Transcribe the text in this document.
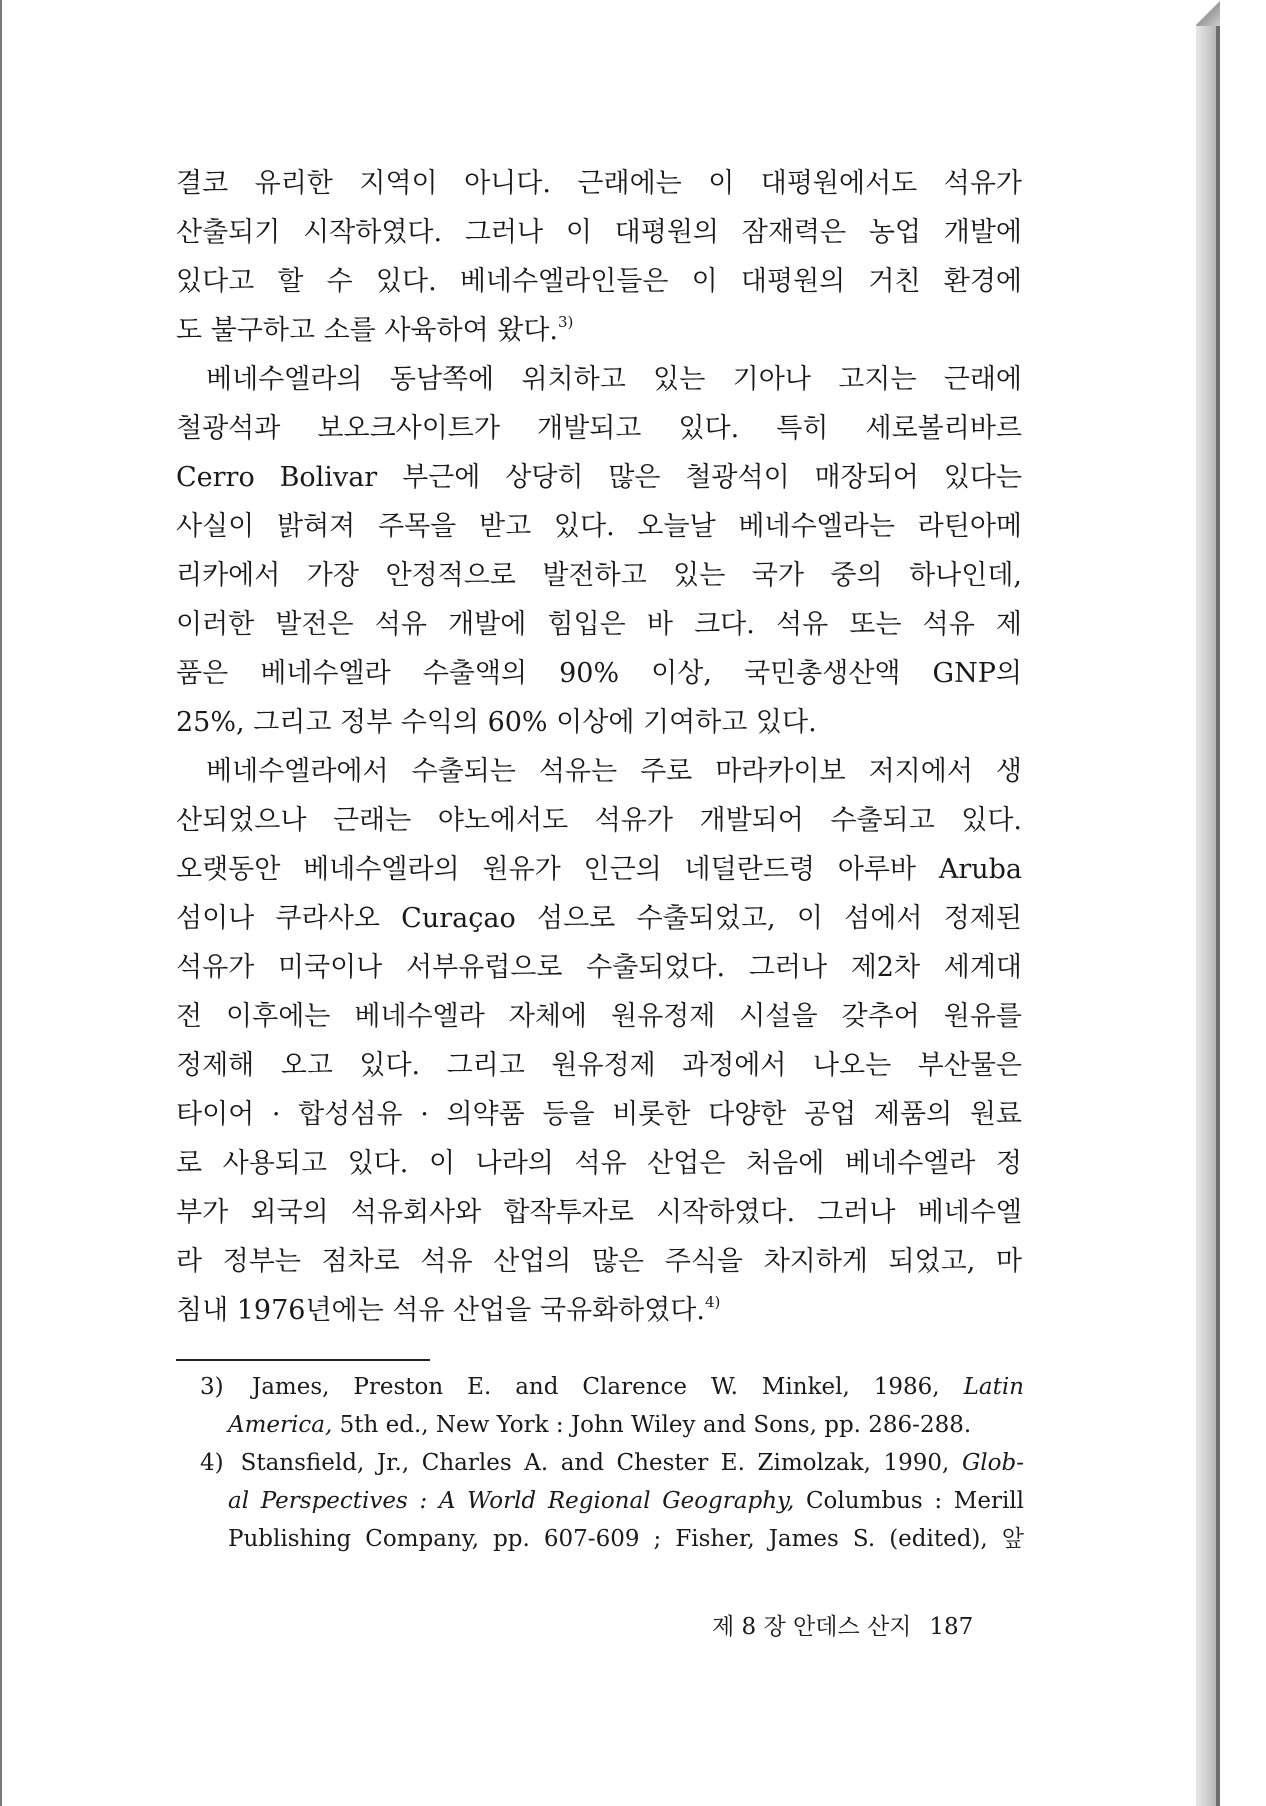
결코 유리한 지역이 아니다. 근래에는 이 대평원에서도 석유가
산출되기 시작하였다. 그러나 이 대평원의 잠재력은 농업 개발에
있다고 할 수 있다. 베네수엘라인들은 이 대평원의 거친 환경에
도 불구하고 소를 사육하여 왔다.$^{3)}$
베네수엘라의 동남쪽에 위치하고 있는 기아나 고지는 근래에
철광석과 보오크사이트가 개발되고 있다. 특히 세로볼리바르
Cerro Bolivar 부근에 상당히 많은 철광석이 매장되어 있다는
사실이 밝혀져 주목을 받고 있다. 오늘날 베네수엘라는 라틴아메
리카에서 가장 안정적으로 발전하고 있는 국가 중의 하나인데,
이러한 발전은 석유 개발에 힘입은 바 크다. 석유 또는 석유 제
품은 베네수엘라 수출액의 90% 이상, 국민총생산액 GNP의
25%, 그리고 정부 수익의 60% 이상에 기여하고 있다.
베네수엘라에서 수출되는 석유는 주로 마라카이보 저지에서 생
산되었으나 근래는 야노에서도 석유가 개발되어 수출되고 있다.
오랫동안 베네수엘라의 원유가 인근의 네덜란드령 아루바 Aruba
섬이나 쿠라사오 Curaçao 섬으로 수출되었고, 이 섬에서 정제된
석유가 미국이나 서부유럽으로 수출되었다. 그러나 제2차 세계대
전 이후에는 베네수엘라 자체에 원유정제 시설을 갖추어 원유를
정제해 오고 있다. 그리고 원유정제 과정에서 나오는 부산물은
타이어 · 합성섬유 · 의약품 등을 비롯한 다양한 공업 제품의 원료
로 사용되고 있다. 이 나라의 석유 산업은 처음에 베네수엘라 정
부가 외국의 석유회사와 합작투자로 시작하였다. 그러나 베네수엘
라 정부는 점차로 석유 산업의 많은 주식을 차지하게 되었고, 마
침내 1976년에는 석유 산업을 국유화하였다.$^{4)}$
3) James, Preston E. and Clarence W. Minkel, 1986, Latin
America, 5th ed., New York : John Wiley and Sons, pp. 286-288.
4) Stansfield, Jr., Charles A. and Chester E. Zimolzak, 1990, Glob-
al Perspectives : A World Regional Geography, Columbus : Merill
Publishing Company, pp. 607-609 ; Fisher, James S. (edited), 앞
제 8 장 안데스 산지 187
